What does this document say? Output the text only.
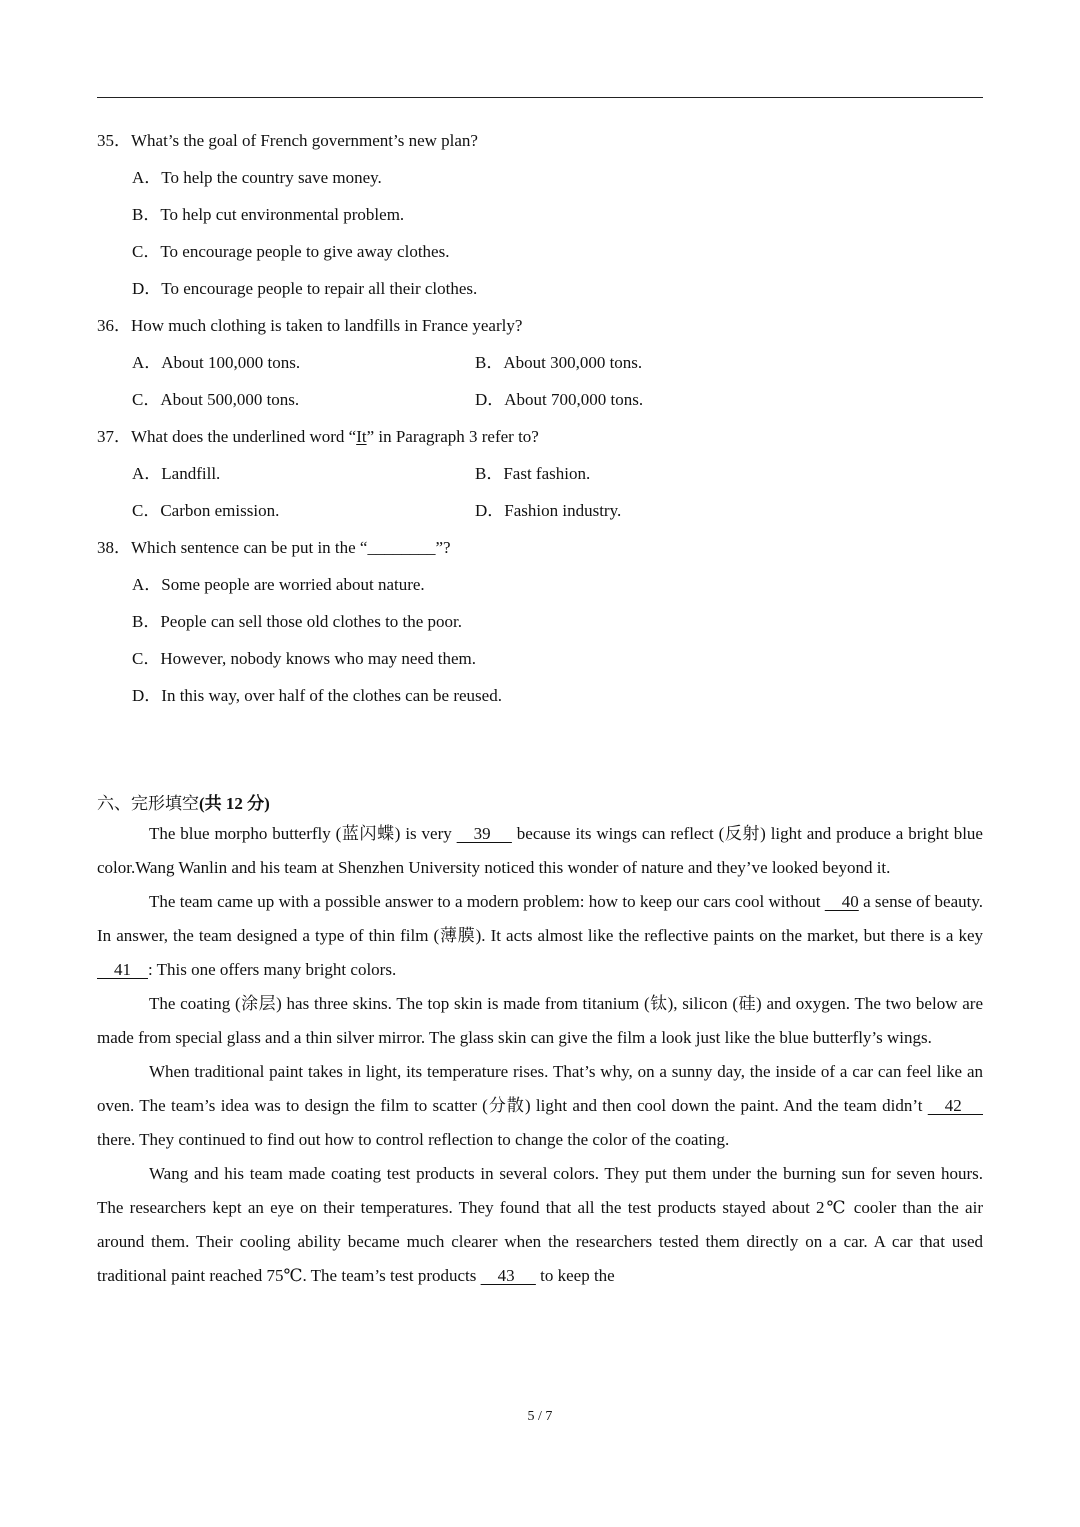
35．What’s the goal of French government’s new plan?
A．To help the country save money.
B．To help cut environmental problem.
C．To encourage people to give away clothes.
D．To encourage people to repair all their clothes.
36．How much clothing is taken to landfills in France yearly?
A．About 100,000 tons.	B．About 300,000 tons.
C．About 500,000 tons.	D．About 700,000 tons.
37．What does the underlined word “It” in Paragraph 3 refer to?
A．Landfill.	B．Fast fashion.
C．Carbon emission.	D．Fashion industry.
38．Which sentence can be put in the “________”?
A．Some people are worried about nature.
B．People can sell those old clothes to the poor.
C．However, nobody knows who may need them.
D．In this way, over half of the clothes can be reused.
六、完形填空(共 12 分)

The blue morpho butterfly (蓝闪蝶) is very     39      because its wings can reflect (反射) light and produce a bright blue color.Wang Wanlin and his team at Shenzhen University noticed this wonder of nature and they’ve looked beyond it.

The team came up with a possible answer to a modern problem: how to keep our cars cool without     40 a sense of beauty. In answer, the team designed a type of thin film (薄膜). It acts almost like the reflective paints on the market, but there is a key     41    : This one offers many bright colors.

The coating (涂层) has three skins. The top skin is made from titanium (钛), silicon (硅) and oxygen. The two below are made from special glass and a thin silver mirror. The glass skin can give the film a look just like the blue butterfly’s wings.

When traditional paint takes in light, its temperature rises. That’s why, on a sunny day, the inside of a car can feel like an oven. The team’s idea was to design the film to scatter (分散) light and then cool down the paint. And the team didn’t     42      there. They continued to find out how to control reflection to change the color of the coating.

Wang and his team made coating test products in several colors. They put them under the burning sun for seven hours. The researchers kept an eye on their temperatures. They found that all the test products stayed about 2℃ cooler than the air around them. Their cooling ability became much clearer when the researchers tested them directly on a car. A car that used traditional paint reached 75℃. The team’s test products     43      to keep the

5 / 7
